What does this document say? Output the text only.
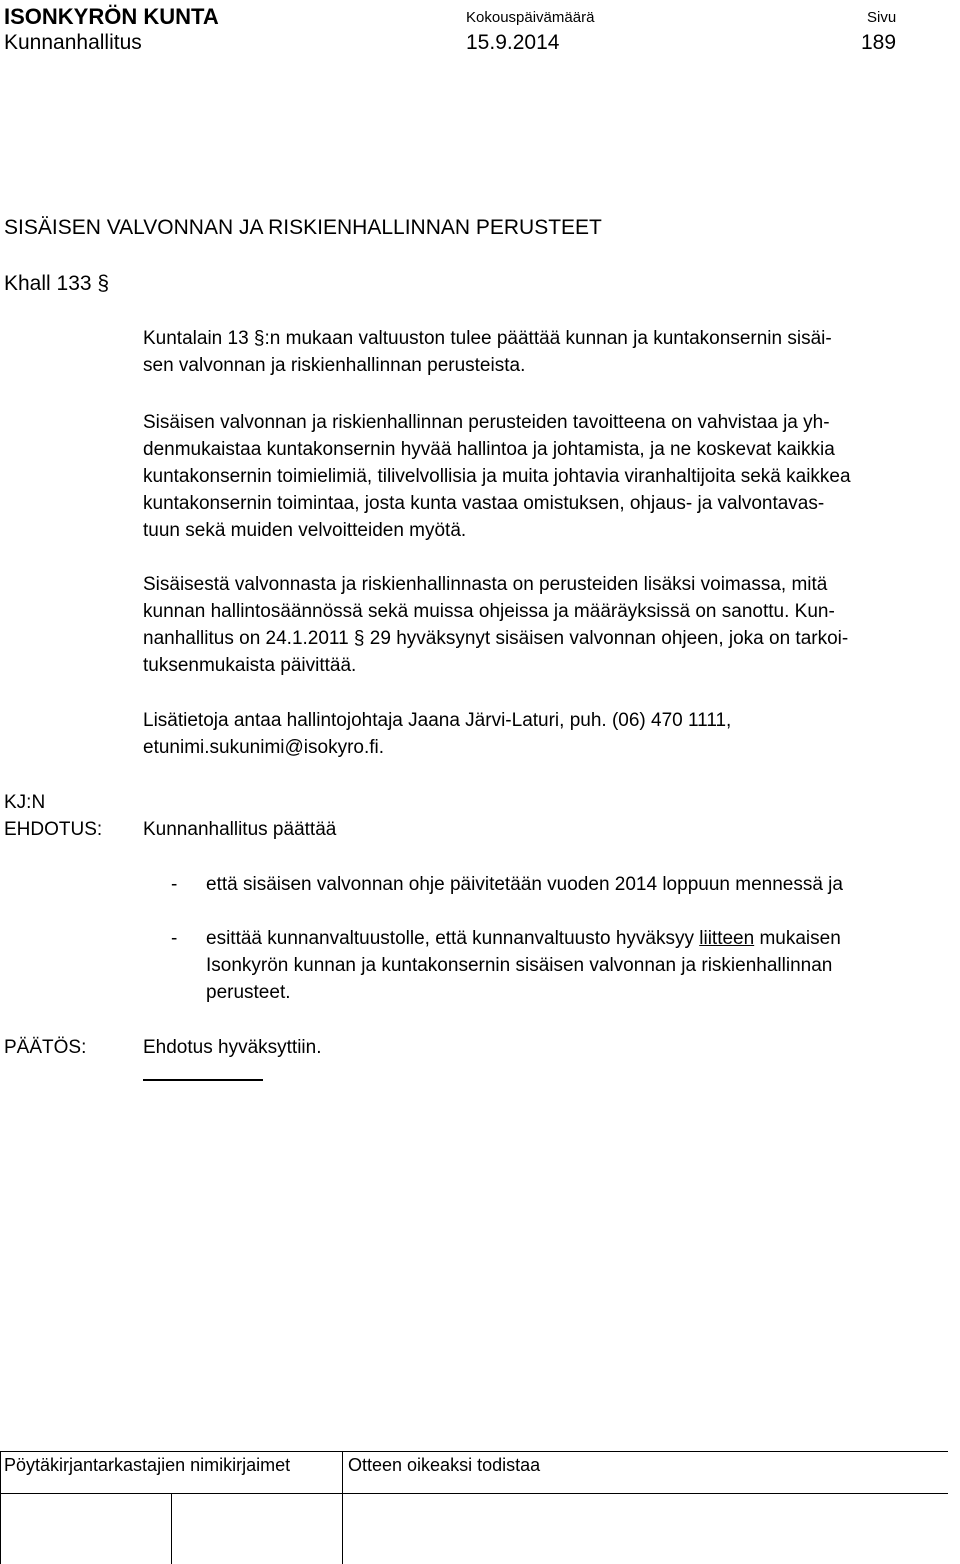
ISONKYRÖN KUNTA	Kokouspäivämäärä	Sivu
Kunnanhallitus	15.9.2014	189
SISÄISEN VALVONNAN JA RISKIENHALLINNAN PERUSTEET
Khall 133 §

Kuntalain 13 §:n mukaan valtuuston tulee päättää kunnan ja kuntakonsernin sisäi-

sen valvonnan ja riskienhallinnan perusteista.

Sisäisen valvonnan ja riskienhallinnan perusteiden tavoitteena on vahvistaa ja yh-

denmukaistaa kuntakonsernin hyvää hallintoa ja johtamista, ja ne koskevat kaikkia

kuntakonsernin toimielimiä, tilivelvollisia ja muita johtavia viranhaltijoita sekä kaikkea

kuntakonsernin toimintaa, josta kunta vastaa omistuksen, ohjaus- ja valvontavas-

tuun sekä muiden velvoitteiden myötä.

Sisäisestä valvonnasta ja riskienhallinnasta on perusteiden lisäksi voimassa, mitä

kunnan hallintosäännössä sekä muissa ohjeissa ja määräyksissä on sanottu. Kun-

nanhallitus on 24.1.2011 § 29 hyväksynyt sisäisen valvonnan ohjeen, joka on tarkoi-

tuksenmukaista päivittää.

Lisätietoja antaa hallintojohtaja Jaana Järvi-Laturi, puh. (06) 470 1111,

etunimi.sukunimi@isokyro.fi.

KJ:N
EHDOTUS: Kunnanhallitus päättää
- että sisäisen valvonnan ohje päivitetään vuoden 2014 loppuun mennessä ja
- esittää kunnanvaltuustolle, että kunnanvaltuusto hyväksyy liitteen mukaisen
Isonkyrön kunnan ja kuntakonsernin sisäisen valvonnan ja riskienhallinnan
perusteet.
PÄÄTÖS:	Ehdotus hyväksyttiin.
Pöytäkirjantarkastajien nimikirjaimet	Otteen oikeaksi todistaa
